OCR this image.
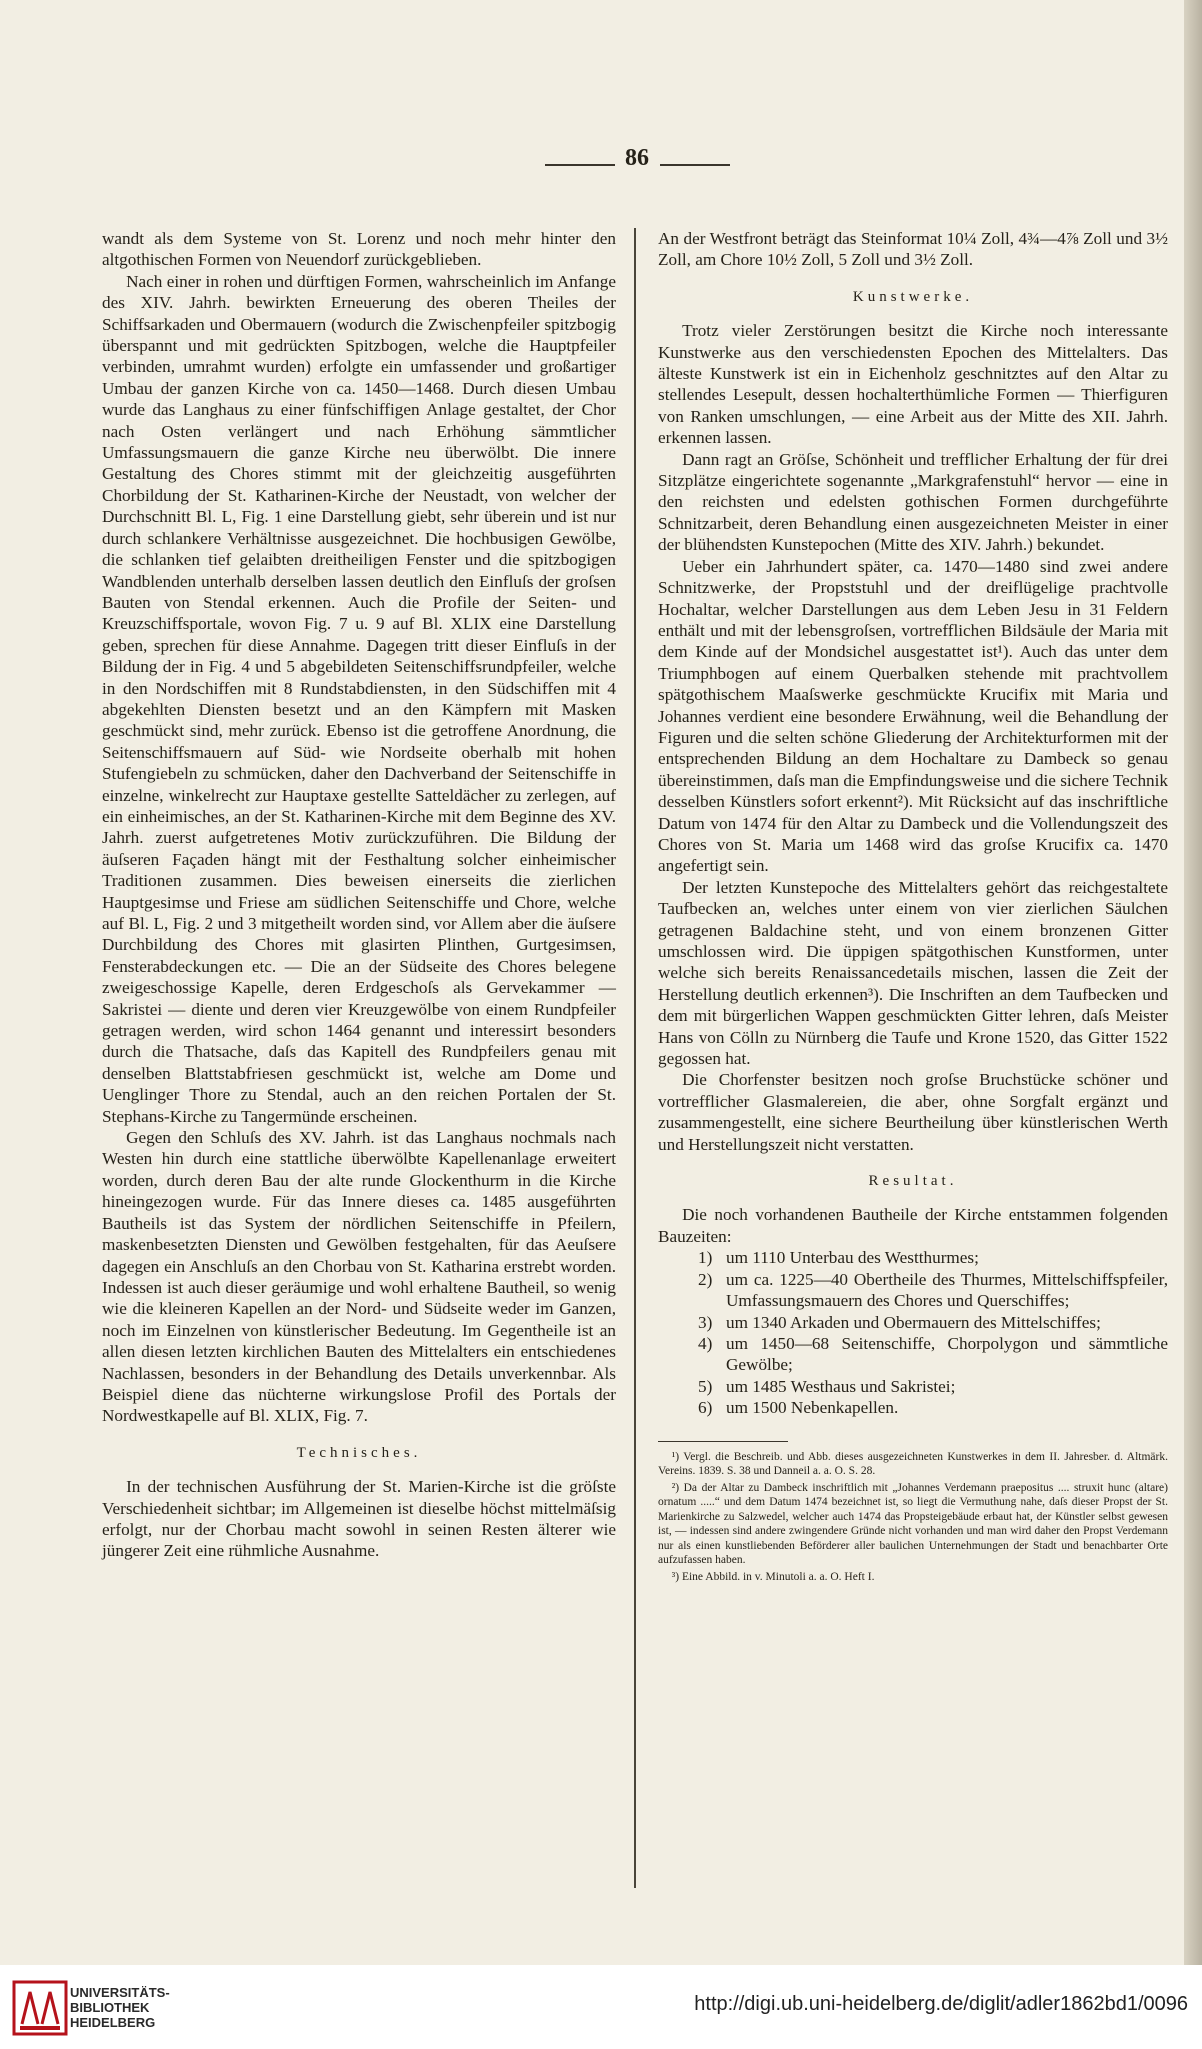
86

wandt als dem Systeme von St. Lorenz und noch mehr hinter den altgothischen Formen von Neuendorf zurückgeblieben.

Nach einer in rohen und dürftigen Formen, wahrscheinlich im Anfange des XIV. Jahrh. bewirkten Erneuerung des oberen Theiles der Schiffsarkaden und Obermauern (wodurch die Zwischenpfeiler spitzbogig überspannt und mit gedrückten Spitzbogen, welche die Hauptpfeiler verbinden, umrahmt wurden) erfolgte ein umfassender und großartiger Umbau der ganzen Kirche von ca. 1450—1468. Durch diesen Umbau wurde das Langhaus zu einer fünfschiffigen Anlage gestaltet, der Chor nach Osten verlängert und nach Erhöhung sämmtlicher Umfassungsmauern die ganze Kirche neu überwölbt. Die innere Gestaltung des Chores stimmt mit der gleichzeitig ausgeführten Chorbildung der St. Katharinen-Kirche der Neustadt, von welcher der Durchschnitt Bl. L, Fig. 1 eine Darstellung giebt, sehr überein und ist nur durch schlankere Verhältnisse ausgezeichnet. Die hochbusigen Gewölbe, die schlanken tief gelaibten dreitheiligen Fenster und die spitzbogigen Wandblenden unterhalb derselben lassen deutlich den Einfluſs der groſsen Bauten von Stendal erkennen. Auch die Profile der Seiten- und Kreuzschiffsportale, wovon Fig. 7 u. 9 auf Bl. XLIX eine Darstellung geben, sprechen für diese Annahme. Dagegen tritt dieser Einfluſs in der Bildung der in Fig. 4 und 5 abgebildeten Seitenschiffsrundpfeiler, welche in den Nordschiffen mit 8 Rundstabdiensten, in den Südschiffen mit 4 abgekehlten Diensten besetzt und an den Kämpfern mit Masken geschmückt sind, mehr zurück. Ebenso ist die getroffene Anordnung, die Seitenschiffsmauern auf Süd- wie Nordseite oberhalb mit hohen Stufengiebeln zu schmücken, daher den Dachverband der Seitenschiffe in einzelne, winkelrecht zur Hauptaxe gestellte Satteldächer zu zerlegen, auf ein einheimisches, an der St. Katharinen-Kirche mit dem Beginne des XV. Jahrh. zuerst aufgetretenes Motiv zurückzuführen. Die Bildung der äuſseren Façaden hängt mit der Festhaltung solcher einheimischer Traditionen zusammen. Dies beweisen einerseits die zierlichen Hauptgesimse und Friese am südlichen Seitenschiffe und Chore, welche auf Bl. L, Fig. 2 und 3 mitgetheilt worden sind, vor Allem aber die äuſsere Durchbildung des Chores mit glasirten Plinthen, Gurtgesimsen, Fensterabdeckungen etc. — Die an der Südseite des Chores belegene zweigeschossige Kapelle, deren Erdgeschoſs als Gervekammer — Sakristei — diente und deren vier Kreuzgewölbe von einem Rundpfeiler getragen werden, wird schon 1464 genannt und interessirt besonders durch die Thatsache, daſs das Kapitell des Rundpfeilers genau mit denselben Blattstabfriesen geschmückt ist, welche am Dome und Uenglinger Thore zu Stendal, auch an den reichen Portalen der St. Stephans-Kirche zu Tangermünde erscheinen.

Gegen den Schluſs des XV. Jahrh. ist das Langhaus nochmals nach Westen hin durch eine stattliche überwölbte Kapellenanlage erweitert worden, durch deren Bau der alte runde Glockenthurm in die Kirche hineingezogen wurde. Für das Innere dieses ca. 1485 ausgeführten Bautheils ist das System der nördlichen Seitenschiffe in Pfeilern, maskenbesetzten Diensten und Gewölben festgehalten, für das Aeuſsere dagegen ein Anschluſs an den Chorbau von St. Katharina erstrebt worden. Indessen ist auch dieser geräumige und wohl erhaltene Bautheil, so wenig wie die kleineren Kapellen an der Nord- und Südseite weder im Ganzen, noch im Einzelnen von künstlerischer Bedeutung. Im Gegentheile ist an allen diesen letzten kirchlichen Bauten des Mittelalters ein entschiedenes Nachlassen, besonders in der Behandlung des Details unverkennbar. Als Beispiel diene das nüchterne wirkungslose Profil des Portals der Nordwestkapelle auf Bl. XLIX, Fig. 7.

Technisches.

In der technischen Ausführung der St. Marien-Kirche ist die gröſste Verschiedenheit sichtbar; im Allgemeinen ist dieselbe höchst mittelmäſsig erfolgt, nur der Chorbau macht sowohl in seinen Resten älterer wie jüngerer Zeit eine rühmliche Ausnahme.

An der Westfront beträgt das Steinformat 10¼ Zoll, 4¾—4⅞ Zoll und 3½ Zoll, am Chore 10½ Zoll, 5 Zoll und 3½ Zoll.

Kunstwerke.

Trotz vieler Zerstörungen besitzt die Kirche noch interessante Kunstwerke aus den verschiedensten Epochen des Mittelalters. Das älteste Kunstwerk ist ein in Eichenholz geschnitztes auf den Altar zu stellendes Lesepult, dessen hochalterthümliche Formen — Thierfiguren von Ranken umschlungen, — eine Arbeit aus der Mitte des XII. Jahrh. erkennen lassen.

Dann ragt an Gröſse, Schönheit und trefflicher Erhaltung der für drei Sitzplätze eingerichtete sogenannte „Markgrafenstuhl“ hervor — eine in den reichsten und edelsten gothischen Formen durchgeführte Schnitzarbeit, deren Behandlung einen ausgezeichneten Meister in einer der blühendsten Kunstepochen (Mitte des XIV. Jahrh.) bekundet.

Ueber ein Jahrhundert später, ca. 1470—1480 sind zwei andere Schnitzwerke, der Propststuhl und der dreiflügelige prachtvolle Hochaltar, welcher Darstellungen aus dem Leben Jesu in 31 Feldern enthält und mit der lebensgroſsen, vortrefflichen Bildsäule der Maria mit dem Kinde auf der Mondsichel ausgestattet ist¹). Auch das unter dem Triumphbogen auf einem Querbalken stehende mit prachtvollem spätgothischem Maaſswerke geschmückte Krucifix mit Maria und Johannes verdient eine besondere Erwähnung, weil die Behandlung der Figuren und die selten schöne Gliederung der Architekturformen mit der entsprechenden Bildung an dem Hochaltare zu Dambeck so genau übereinstimmen, daſs man die Empfindungsweise und die sichere Technik desselben Künstlers sofort erkennt²). Mit Rücksicht auf das inschriftliche Datum von 1474 für den Altar zu Dambeck und die Vollendungszeit des Chores von St. Maria um 1468 wird das groſse Krucifix ca. 1470 angefertigt sein.

Der letzten Kunstepoche des Mittelalters gehört das reichgestaltete Taufbecken an, welches unter einem von vier zierlichen Säulchen getragenen Baldachine steht, und von einem bronzenen Gitter umschlossen wird. Die üppigen spätgothischen Kunstformen, unter welche sich bereits Renaissancedetails mischen, lassen die Zeit der Herstellung deutlich erkennen³). Die Inschriften an dem Taufbecken und dem mit bürgerlichen Wappen geschmückten Gitter lehren, daſs Meister Hans von Cölln zu Nürnberg die Taufe und Krone 1520, das Gitter 1522 gegossen hat.

Die Chorfenster besitzen noch groſse Bruchstücke schöner und vortrefflicher Glasmalereien, die aber, ohne Sorgfalt ergänzt und zusammengestellt, eine sichere Beurtheilung über künstlerischen Werth und Herstellungszeit nicht verstatten.

Resultat.

Die noch vorhandenen Bautheile der Kirche entstammen folgenden Bauzeiten:

1) um 1110 Unterbau des Westthurmes;
2) um ca. 1225—40 Obertheile des Thurmes, Mittelschiffspfeiler, Umfassungsmauern des Chores und Querschiffes;
3) um 1340 Arkaden und Obermauern des Mittelschiffes;
4) um 1450—68 Seitenschiffe, Chorpolygon und sämmtliche Gewölbe;
5) um 1485 Westhaus und Sakristei;
6) um 1500 Nebenkapellen.

¹) Vergl. die Beschreib. und Abb. dieses ausgezeichneten Kunstwerkes in dem II. Jahresber. d. Altmärk. Vereins. 1839. S. 38 und Danneil a. a. O. S. 28.

²) Da der Altar zu Dambeck inschriftlich mit „Johannes Verdemann praepositus .... struxit hunc (altare) ornatum .....“ und dem Datum 1474 bezeichnet ist, so liegt die Vermuthung nahe, daſs dieser Propst der St. Marienkirche zu Salzwedel, welcher auch 1474 das Propsteigebäude erbaut hat, der Künstler selbst gewesen ist, — indessen sind andere zwingendere Gründe nicht vorhanden und man wird daher den Propst Verdemann nur als einen kunstliebenden Beförderer aller baulichen Unternehmungen der Stadt und benachbarter Orte aufzufassen haben.

³) Eine Abbild. in v. Minutoli a. a. O. Heft I.

UNIVERSITÄTS-
BIBLIOTHEK
HEIDELBERG
http://digi.ub.uni-heidelberg.de/diglit/adler1862bd1/0096
